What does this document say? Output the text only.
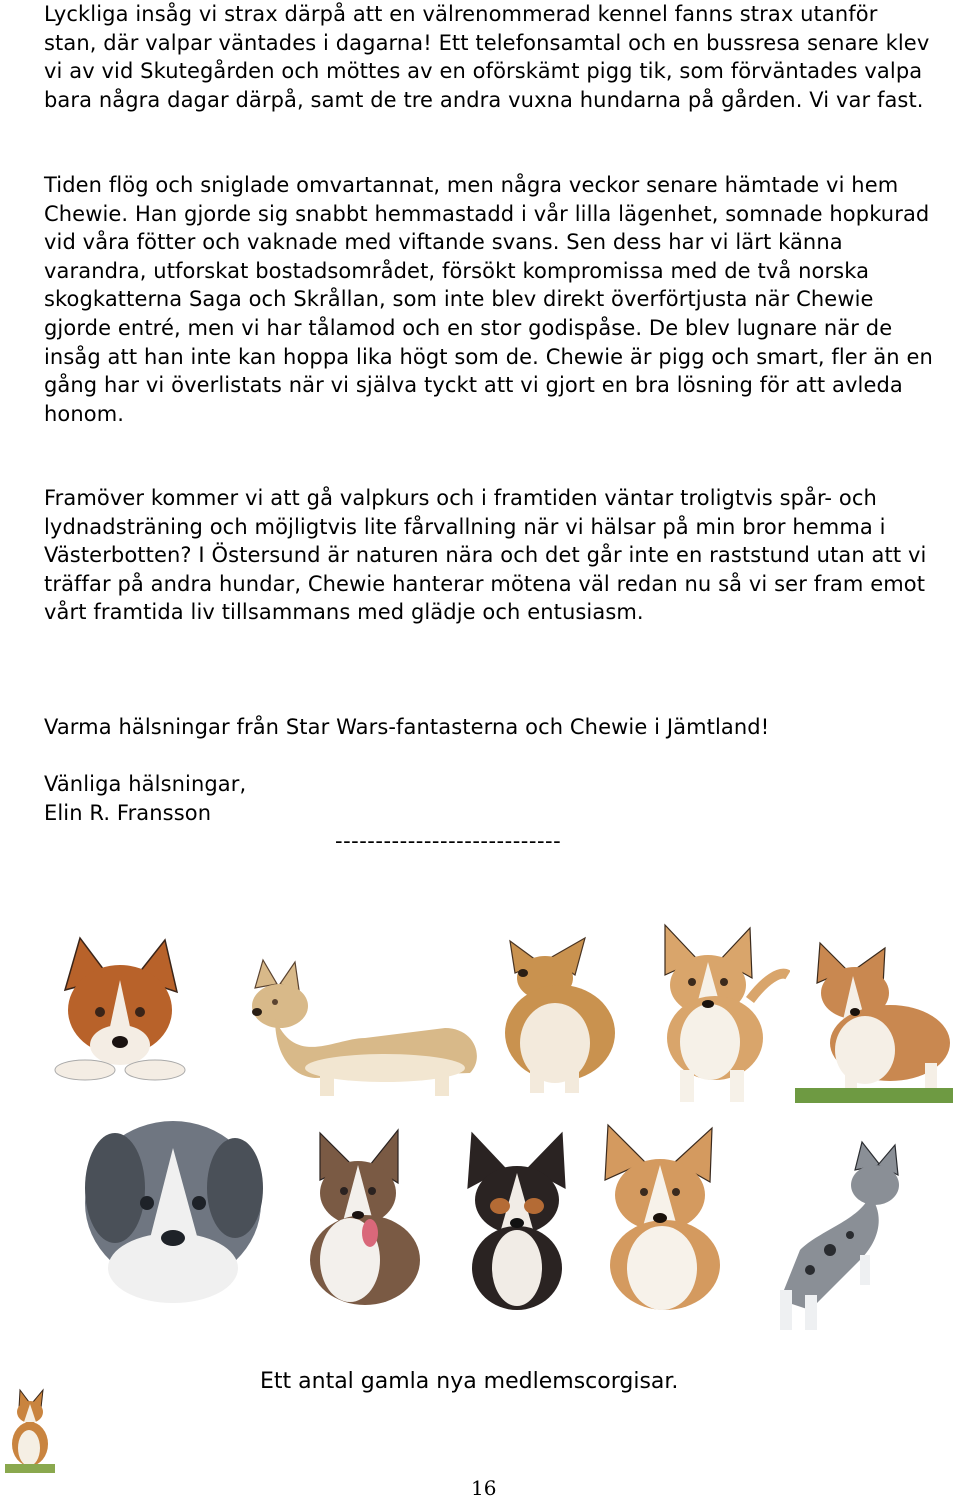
Lyckliga insåg vi strax därpå att en välrenommerad kennel fanns strax utanför stan, där valpar väntades i dagarna! Ett telefonsamtal och en bussresa senare klev vi av vid Skutegården och möttes av en oförskämt pigg tik, som förväntades valpa bara några dagar därpå, samt de tre andra vuxna hundarna på gården. Vi var fast.

Tiden flög och sniglade omvartannat, men några veckor senare hämtade vi hem Chewie. Han gjorde sig snabbt hemmastadd i vår lilla lägenhet, somnade hopkurad vid våra fötter och vaknade med viftande svans. Sen dess har vi lärt känna varandra, utforskat bostadsområdet, försökt kompromissa med de två norska skogkatterna Saga och Skrållan, som inte blev direkt överförtjusta när Chewie gjorde entré, men vi har tålamod och en stor godispåse. De blev lugnare när de insåg att han inte kan hoppa lika högt som de. Chewie är pigg och smart, fler än en gång har vi överlistats när vi själva tyckt att vi gjort en bra lösning för att avleda honom.

Framöver kommer vi att gå valpkurs och i framtiden väntar troligtvis spår- och lydnadsträning och möjligtvis lite fårvallning när vi hälsar på min bror hemma i Västerbotten? I Östersund är naturen nära och det går inte en raststund utan att vi träffar på andra hundar, Chewie hanterar mötena väl redan nu så vi ser fram emot vårt framtida liv tillsammans med glädje och entusiasm.

Varma hälsningar från Star Wars-fantasterna och Chewie i Jämtland!

Vänliga hälsningar,

Elin R. Fransson

----------------------------
Ett antal gamla nya medlemscorgisar.
16
